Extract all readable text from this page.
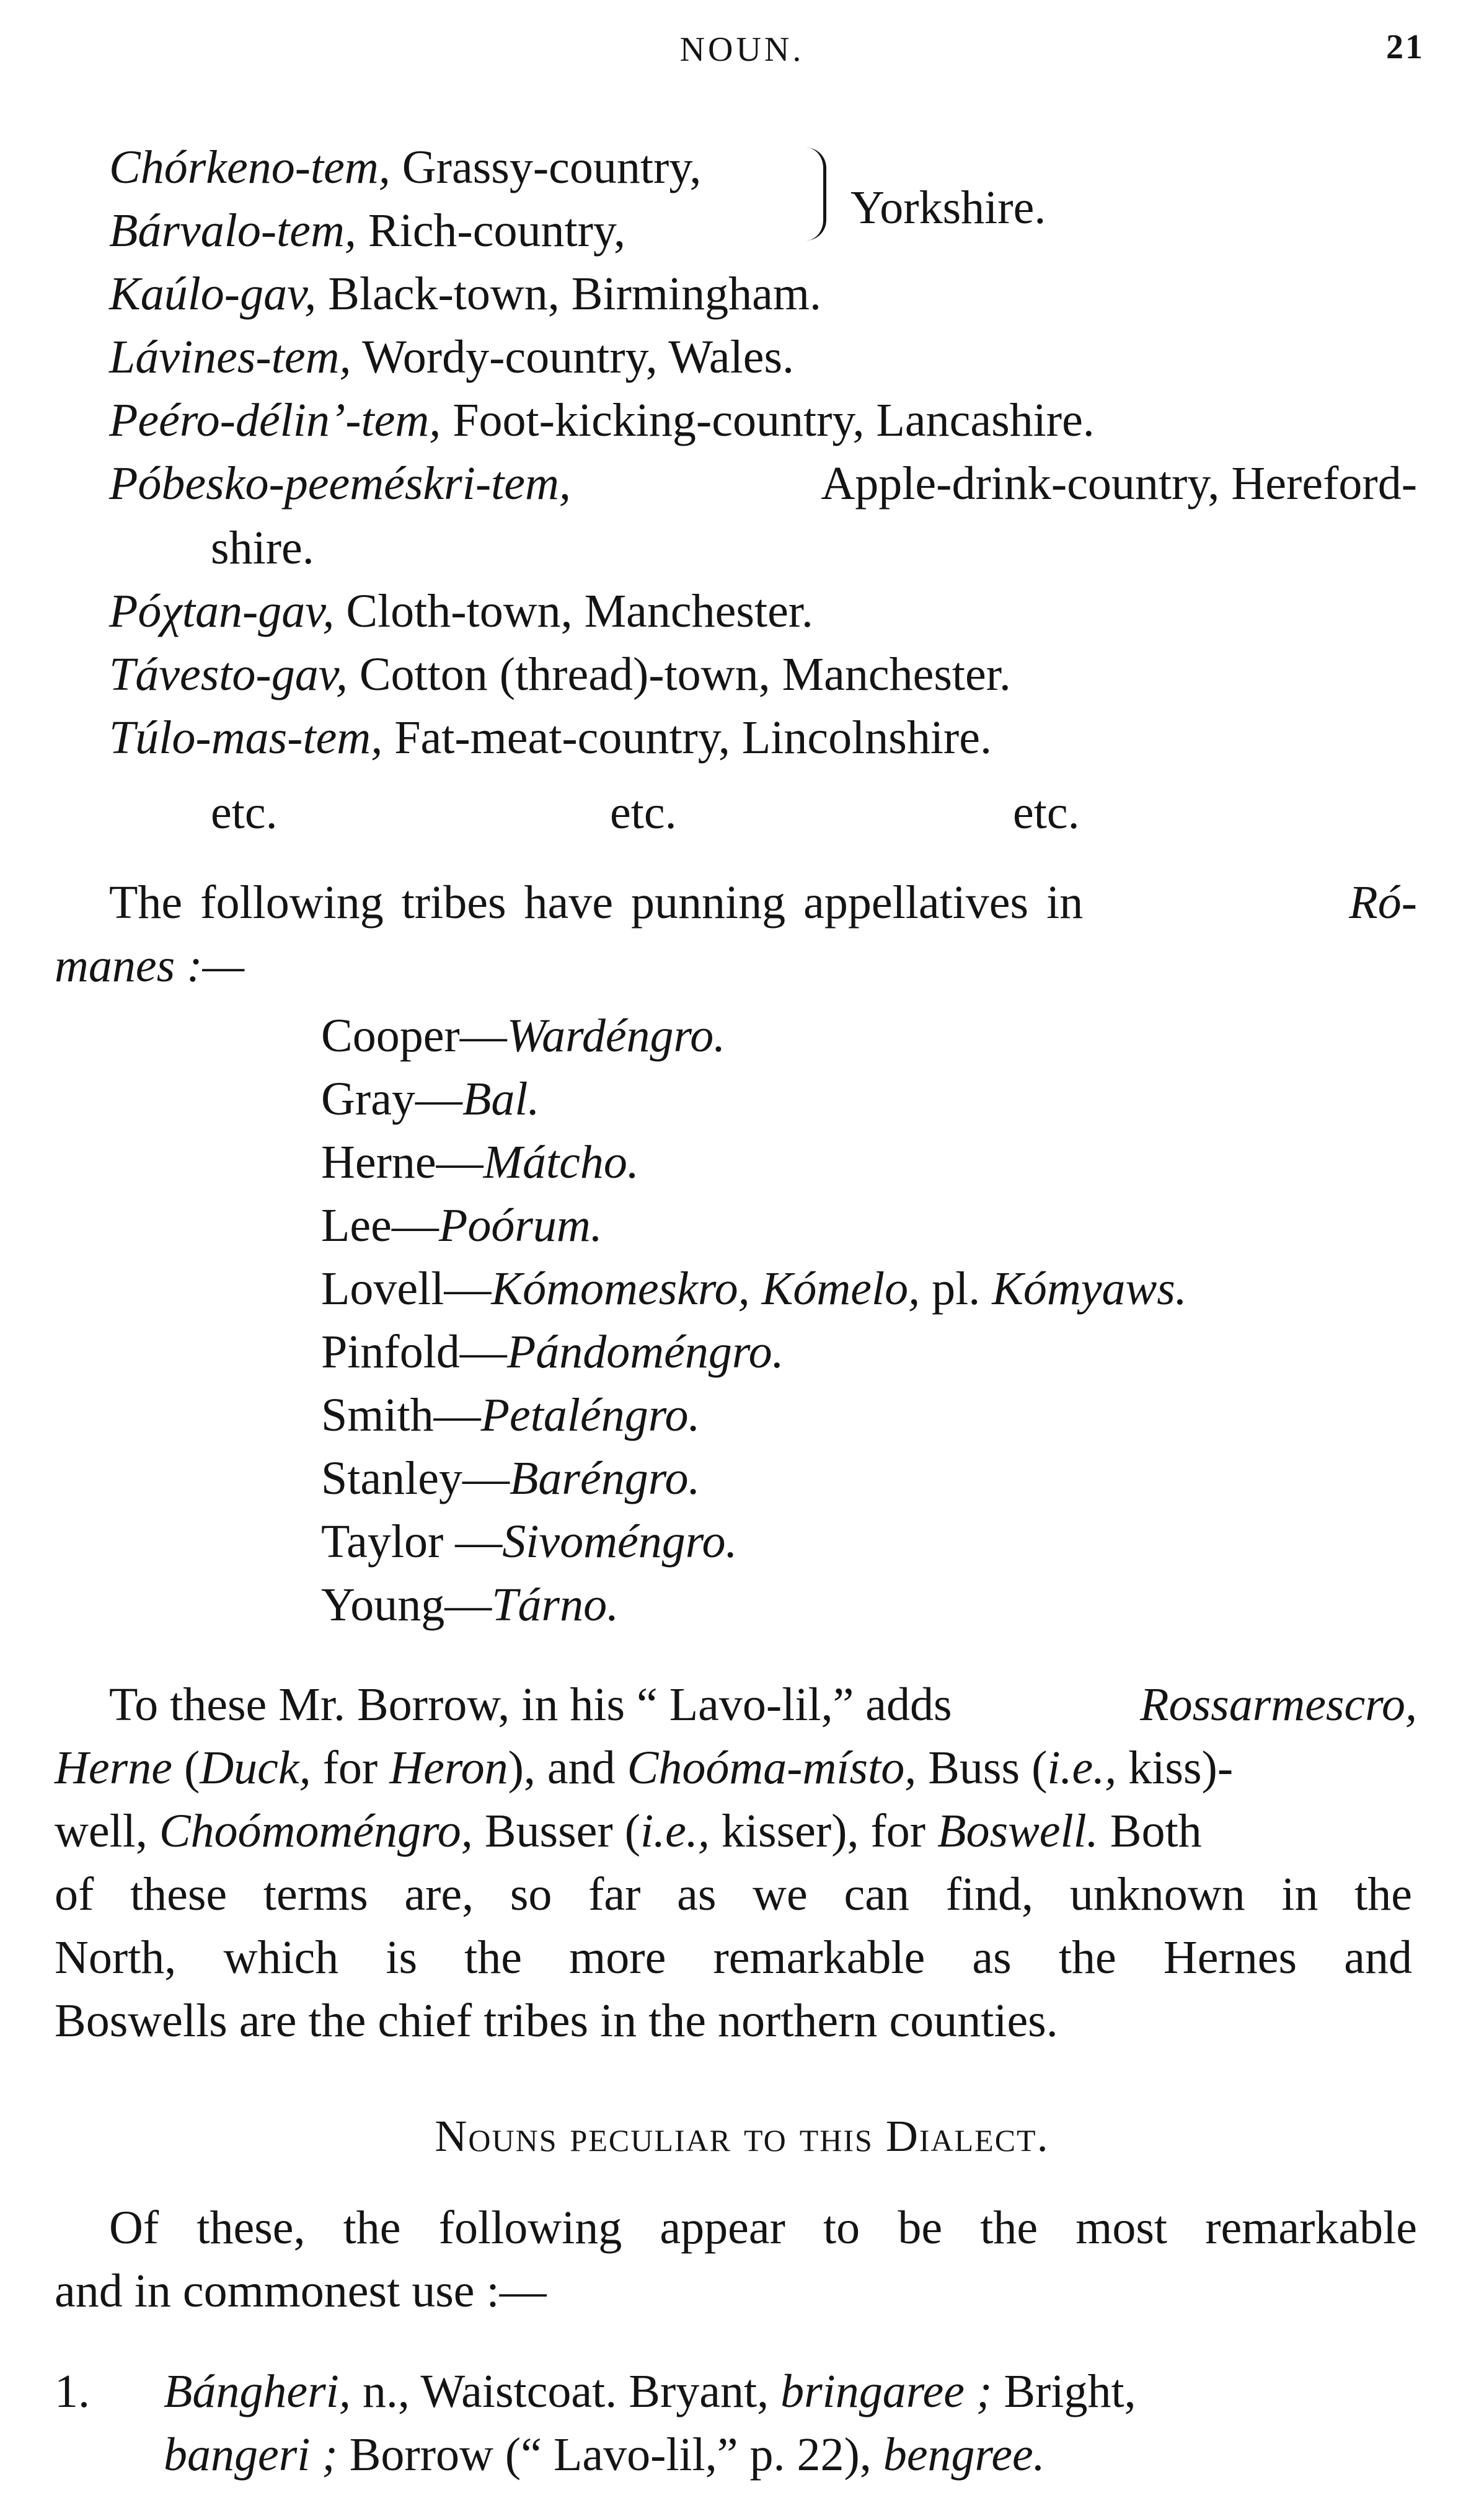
NOUN.	21
Chórkeno-tem, Grassy-country,
Bárvalo-tem, Rich-country,	Yorkshire.
Kaúlo-gav, Black-town, Birmingham.
Lávines-tem, Wordy-country, Wales.
Peéro-délin’-tem, Foot-kicking-country, Lancashire.
Póbesko-peeméskri-tem,	Apple-drink-country, Hereford-
shire.
Póχtan-gav, Cloth-town, Manchester.
Távesto-gav, Cotton (thread)-town, Manchester.
Túlo-mas-tem, Fat-meat-country, Lincolnshire.
etc.	etc.	etc.
The following tribes have punning appellatives in	Ró-
manes :—
Cooper—Wardéngro.
Gray—Bal.
Herne—Mátcho.
Lee—Poórum.
Lovell—Kómomeskro, Kómelo, pl. Kómyaws.
Pinfold—Pándoméngro.
Smith—Petaléngro.
Stanley—Baréngro.
Taylor —Sivoméngro.
Young—Tárno.
To these Mr. Borrow, in his “ Lavo-lil,” adds	Rossarmescro,
Herne (Duck, for Heron), and Choóma-místo, Buss (i.e., kiss)-
well, Choómoméngro, Busser (i.e., kisser), for Boswell. Both
of these terms are, so far as we can find, unknown in the
North, which is the more remarkable as the Hernes and
Boswells are the chief tribes in the northern counties.
Nouns peculiar to this Dialect.
Of these, the following appear to be the most remarkable
and in commonest use :—
1.	Bángheri, n., Waistcoat. Bryant, bringaree ; Bright,
bangeri ; Borrow (“ Lavo-lil,” p. 22), bengree.
